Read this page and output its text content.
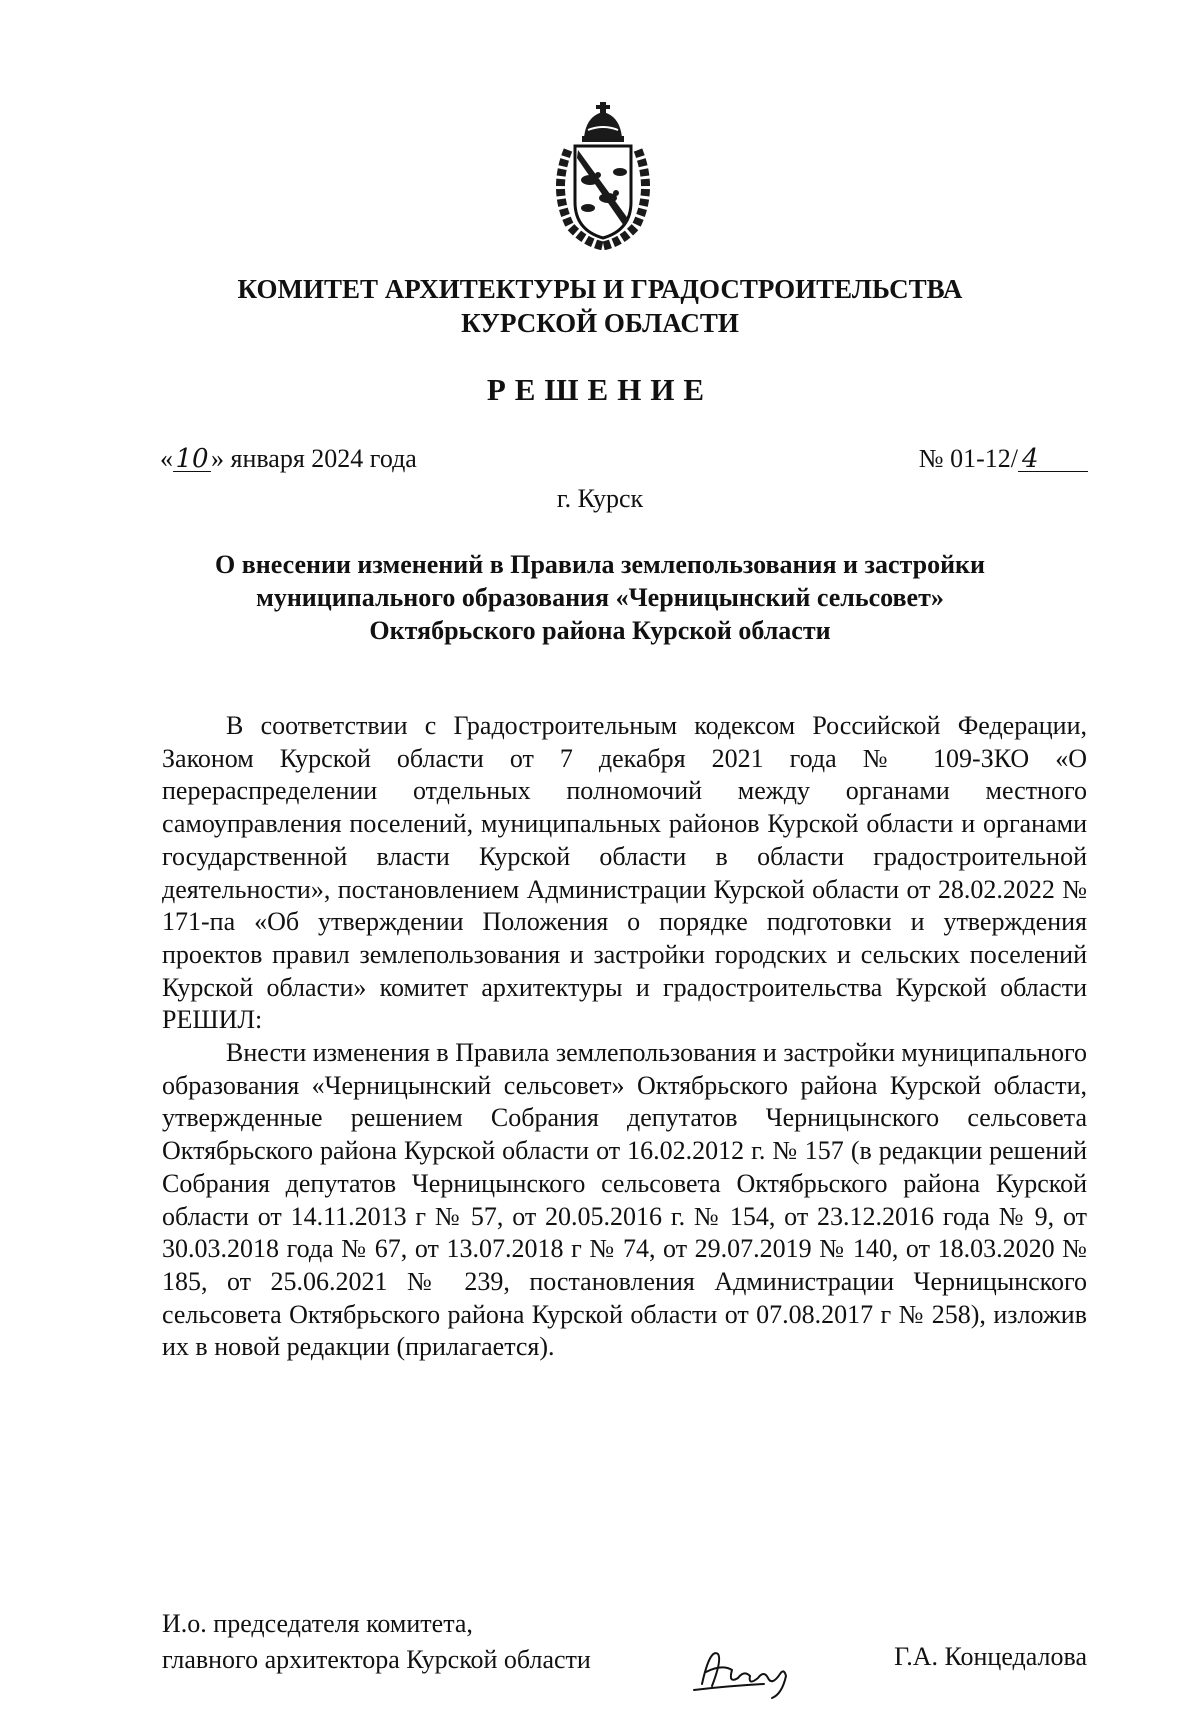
КОМИТЕТ АРХИТЕКТУРЫ И ГРАДОСТРОИТЕЛЬСТВА
КУРСКОЙ ОБЛАСТИ
РЕШЕНИЕ
«10» января 2024 года	№ 01-12/ 4
г. Курск
О внесении изменений в Правила землепользования и застройки
муниципального образования «Черницынский сельсовет»
Октябрьского района Курской области

В соответствии с Градостроительным кодексом Российской Федерации, Законом Курской области от 7 декабря 2021 года № 109-ЗКО «О перераспределении отдельных полномочий между органами местного самоуправления поселений, муниципальных районов Курской области и органами государственной власти Курской области в области градостроительной деятельности», постановлением Администрации Курской области от 28.02.2022 № 171-па «Об утверждении Положения о порядке подготовки и утверждения проектов правил землепользования и застройки городских и сельских поселений Курской области» комитет архитектуры и градостроительства Курской области РЕШИЛ:

Внести изменения в Правила землепользования и застройки муниципального образования «Черницынский сельсовет» Октябрьского района Курской области, утвержденные решением Собрания депутатов Черницынского сельсовета Октябрьского района Курской области от 16.02.2012 г. № 157 (в редакции решений Собрания депутатов Черницынского сельсовета Октябрьского района Курской области от 14.11.2013 г № 57, от 20.05.2016 г. № 154, от 23.12.2016 года № 9, от 30.03.2018 года № 67, от 13.07.2018 г № 74, от 29.07.2019 № 140, от 18.03.2020 № 185, от 25.06.2021 № 239, постановления Администрации Черницынского сельсовета Октябрьского района Курской области от 07.08.2017 г № 258), изложив их в новой редакции (прилагается).

И.о. председателя комитета,
главного архитектора Курской области	Г.А. Концедалова
